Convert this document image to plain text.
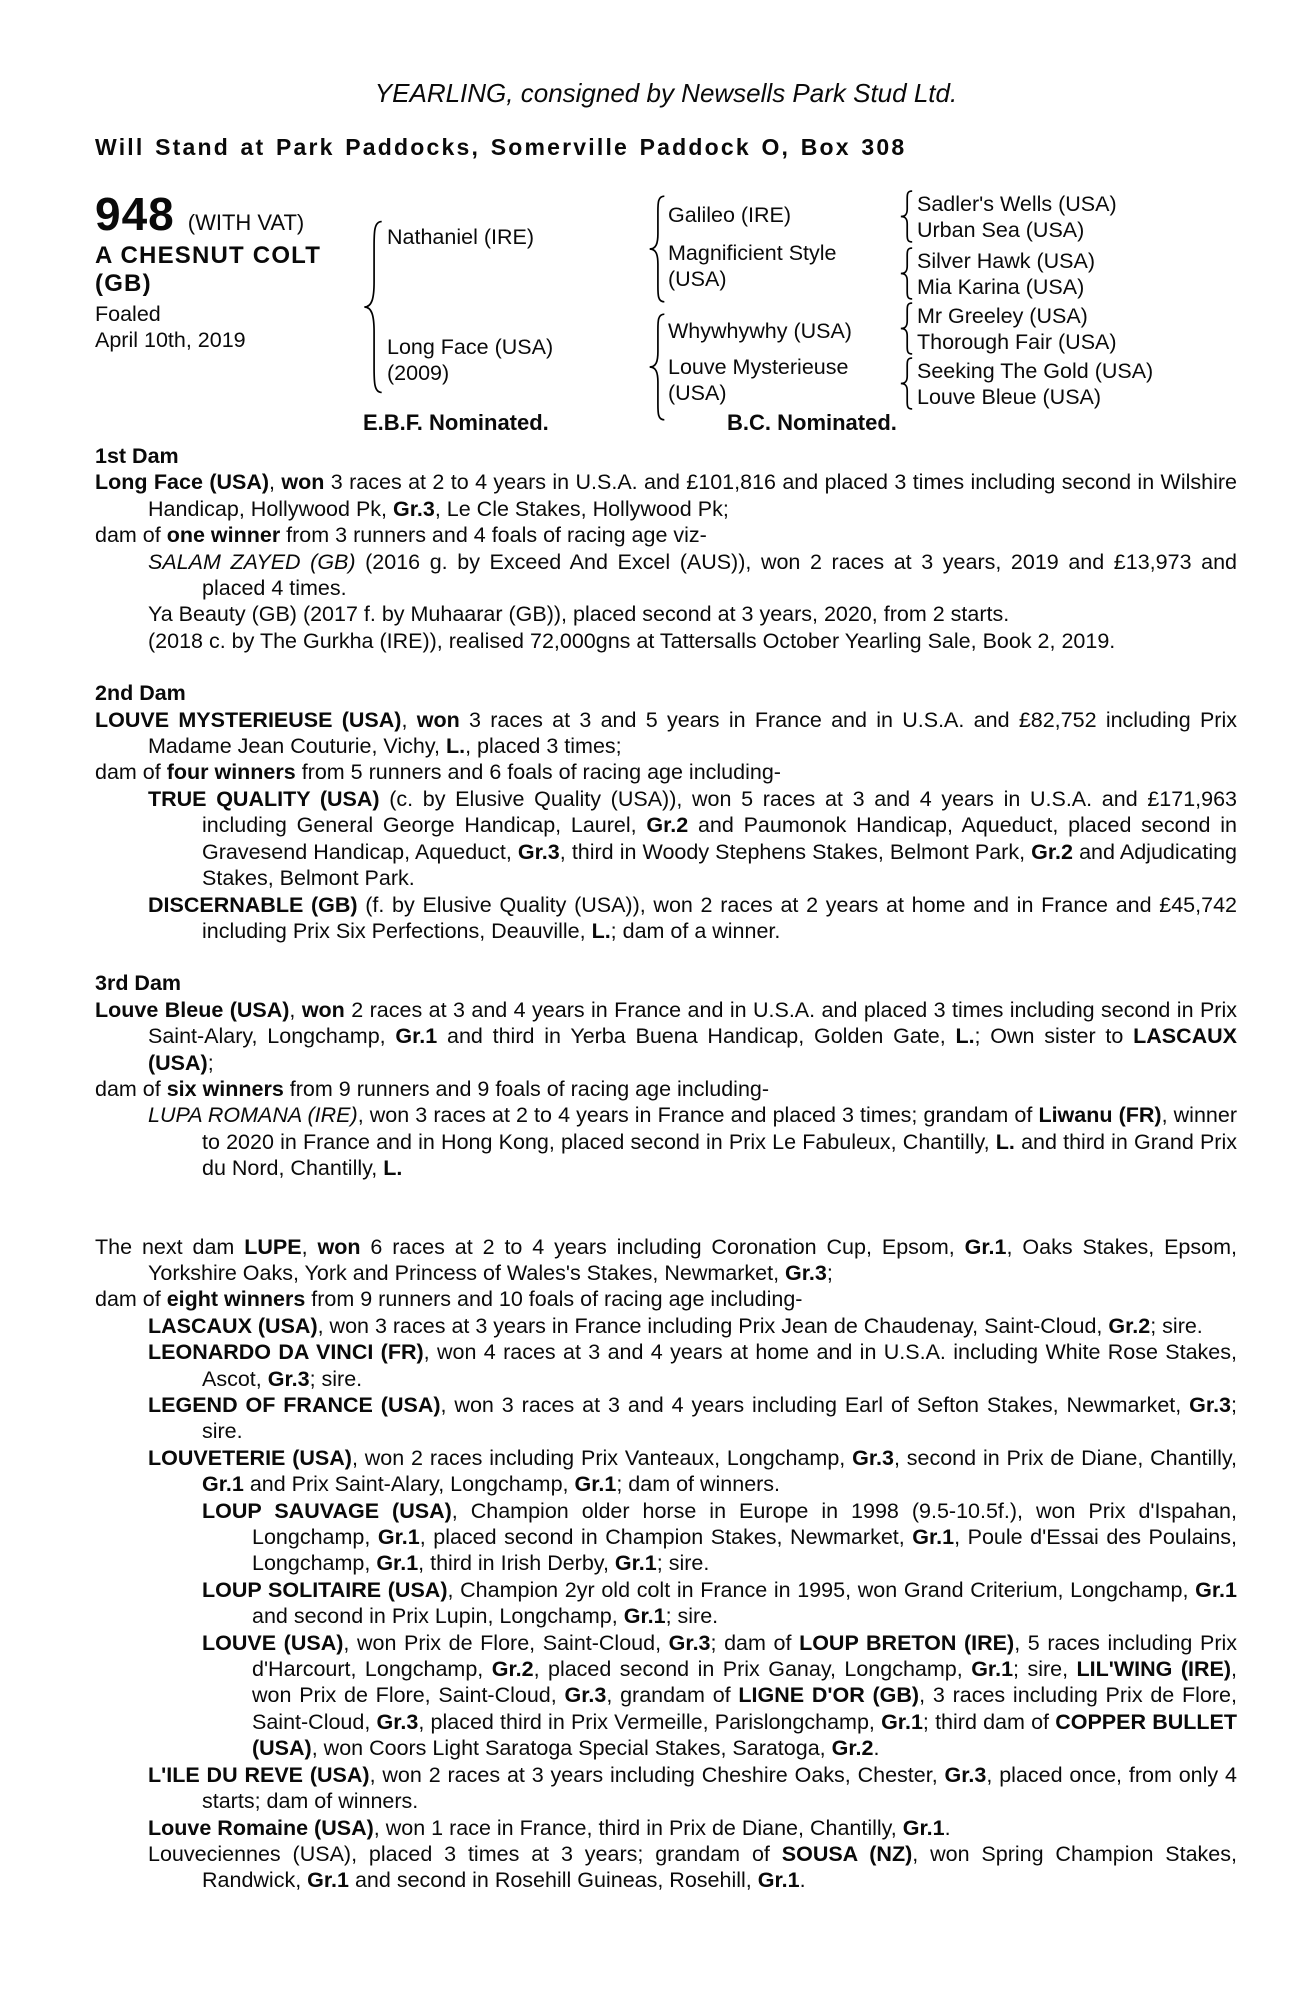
YEARLING, consigned by Newsells Park Stud Ltd.
Will Stand at Park Paddocks, Somerville Paddock O, Box 308
948 (WITH VAT)
A CHESNUT COLT
(GB)
Foaled
April 10th, 2019
Nathaniel (IRE)
Long Face (USA)
(2009)
Galileo (IRE)
Magnificient Style
(USA)
Whywhywhy (USA)
Louve Mysterieuse
(USA)
Sadler's Wells (USA)
Urban Sea (USA)
Silver Hawk (USA)
Mia Karina (USA)
Mr Greeley (USA)
Thorough Fair (USA)
Seeking The Gold (USA)
Louve Bleue (USA)
E.B.F. Nominated.	B.C. Nominated.

1st Dam

Long Face (USA), won 3 races at 2 to 4 years in U.S.A. and £101,816 and placed 3 times including second in Wilshire Handicap, Hollywood Pk, Gr.3, Le Cle Stakes, Hollywood Pk;

dam of one winner from 3 runners and 4 foals of racing age viz-

SALAM ZAYED (GB) (2016 g. by Exceed And Excel (AUS)), won 2 races at 3 years, 2019 and £13,973 and placed 4 times.

Ya Beauty (GB) (2017 f. by Muhaarar (GB)), placed second at 3 years, 2020, from 2 starts.

(2018 c. by The Gurkha (IRE)), realised 72,000gns at Tattersalls October Yearling Sale, Book 2, 2019.

2nd Dam

LOUVE MYSTERIEUSE (USA), won 3 races at 3 and 5 years in France and in U.S.A. and £82,752 including Prix Madame Jean Couturie, Vichy, L., placed 3 times;

dam of four winners from 5 runners and 6 foals of racing age including-

TRUE QUALITY (USA) (c. by Elusive Quality (USA)), won 5 races at 3 and 4 years in U.S.A. and £171,963 including General George Handicap, Laurel, Gr.2 and Paumonok Handicap, Aqueduct, placed second in Gravesend Handicap, Aqueduct, Gr.3, third in Woody Stephens Stakes, Belmont Park, Gr.2 and Adjudicating Stakes, Belmont Park.

DISCERNABLE (GB) (f. by Elusive Quality (USA)), won 2 races at 2 years at home and in France and £45,742 including Prix Six Perfections, Deauville, L.; dam of a winner.

3rd Dam

Louve Bleue (USA), won 2 races at 3 and 4 years in France and in U.S.A. and placed 3 times including second in Prix Saint-Alary, Longchamp, Gr.1 and third in Yerba Buena Handicap, Golden Gate, L.; Own sister to LASCAUX (USA);

dam of six winners from 9 runners and 9 foals of racing age including-

LUPA ROMANA (IRE), won 3 races at 2 to 4 years in France and placed 3 times; grandam of Liwanu (FR), winner to 2020 in France and in Hong Kong, placed second in Prix Le Fabuleux, Chantilly, L. and third in Grand Prix du Nord, Chantilly, L.

The next dam LUPE, won 6 races at 2 to 4 years including Coronation Cup, Epsom, Gr.1, Oaks Stakes, Epsom, Yorkshire Oaks, York and Princess of Wales's Stakes, Newmarket, Gr.3;

dam of eight winners from 9 runners and 10 foals of racing age including-

LASCAUX (USA), won 3 races at 3 years in France including Prix Jean de Chaudenay, Saint-Cloud, Gr.2; sire.

LEONARDO DA VINCI (FR), won 4 races at 3 and 4 years at home and in U.S.A. including White Rose Stakes, Ascot, Gr.3; sire.

LEGEND OF FRANCE (USA), won 3 races at 3 and 4 years including Earl of Sefton Stakes, Newmarket, Gr.3; sire.

LOUVETERIE (USA), won 2 races including Prix Vanteaux, Longchamp, Gr.3, second in Prix de Diane, Chantilly, Gr.1 and Prix Saint-Alary, Longchamp, Gr.1; dam of winners.

LOUP SAUVAGE (USA), Champion older horse in Europe in 1998 (9.5-10.5f.), won Prix d'Ispahan, Longchamp, Gr.1, placed second in Champion Stakes, Newmarket, Gr.1, Poule d'Essai des Poulains, Longchamp, Gr.1, third in Irish Derby, Gr.1; sire.

LOUP SOLITAIRE (USA), Champion 2yr old colt in France in 1995, won Grand Criterium, Longchamp, Gr.1 and second in Prix Lupin, Longchamp, Gr.1; sire.

LOUVE (USA), won Prix de Flore, Saint-Cloud, Gr.3; dam of LOUP BRETON (IRE), 5 races including Prix d'Harcourt, Longchamp, Gr.2, placed second in Prix Ganay, Longchamp, Gr.1; sire, LIL'WING (IRE), won Prix de Flore, Saint-Cloud, Gr.3, grandam of LIGNE D'OR (GB), 3 races including Prix de Flore, Saint-Cloud, Gr.3, placed third in Prix Vermeille, Parislongchamp, Gr.1; third dam of COPPER BULLET (USA), won Coors Light Saratoga Special Stakes, Saratoga, Gr.2.

L'ILE DU REVE (USA), won 2 races at 3 years including Cheshire Oaks, Chester, Gr.3, placed once, from only 4 starts; dam of winners.

Louve Romaine (USA), won 1 race in France, third in Prix de Diane, Chantilly, Gr.1.

Louveciennes (USA), placed 3 times at 3 years; grandam of SOUSA (NZ), won Spring Champion Stakes, Randwick, Gr.1 and second in Rosehill Guineas, Rosehill, Gr.1.
